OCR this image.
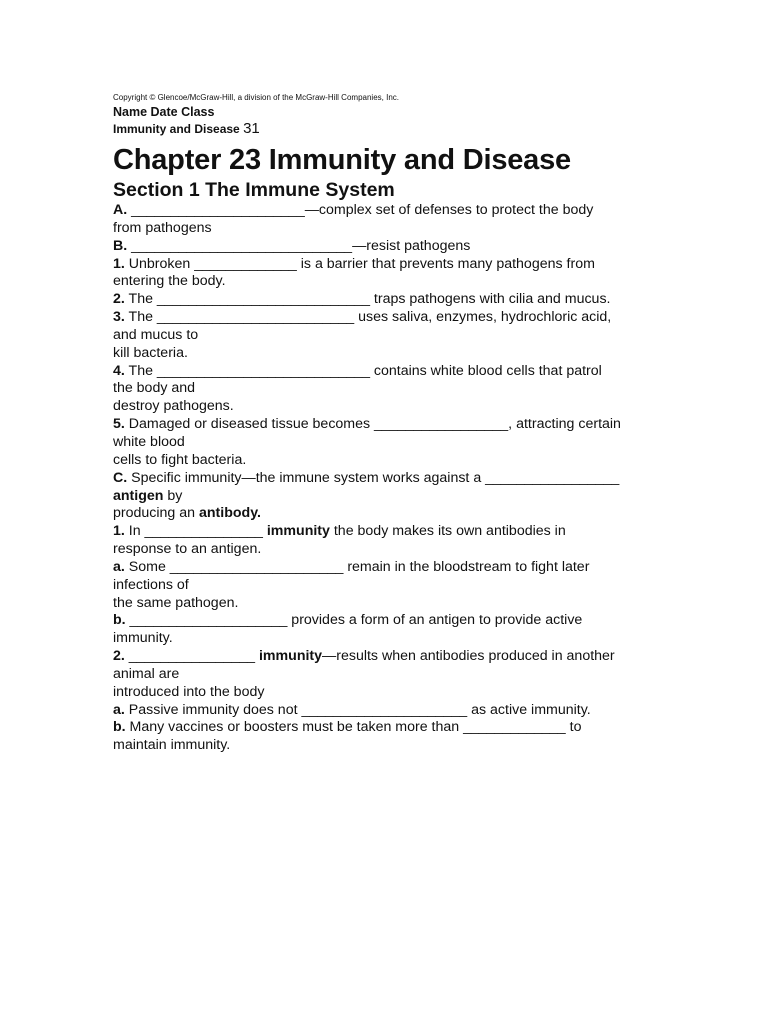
Copyright © Glencoe/McGraw-Hill, a division of the McGraw-Hill Companies, Inc.

Name Date Class

Immunity and Disease 31

Chapter 23 Immunity and Disease
Section 1 The Immune System
A. ______________________—complex set of defenses to protect the body
from pathogens
B. ____________________________—resist pathogens
1. Unbroken _____________ is a barrier that prevents many pathogens from
entering the body.
2. The ___________________________ traps pathogens with cilia and mucus.
3. The _________________________ uses saliva, enzymes, hydrochloric acid,
and mucus to
kill bacteria.
4. The ___________________________ contains white blood cells that patrol
the body and
destroy pathogens.
5. Damaged or diseased tissue becomes _________________, attracting certain
white blood
cells to fight bacteria.
C. Specific immunity—the immune system works against a _________________
antigen by
producing an antibody.
1. In _______________ immunity the body makes its own antibodies in
response to an antigen.
a. Some ______________________ remain in the bloodstream to fight later
infections of
the same pathogen.
b. ____________________ provides a form of an antigen to provide active
immunity.
2. ________________ immunity—results when antibodies produced in another
animal are
introduced into the body
a. Passive immunity does not _____________________ as active immunity.
b. Many vaccines or boosters must be taken more than _____________ to
maintain immunity.
